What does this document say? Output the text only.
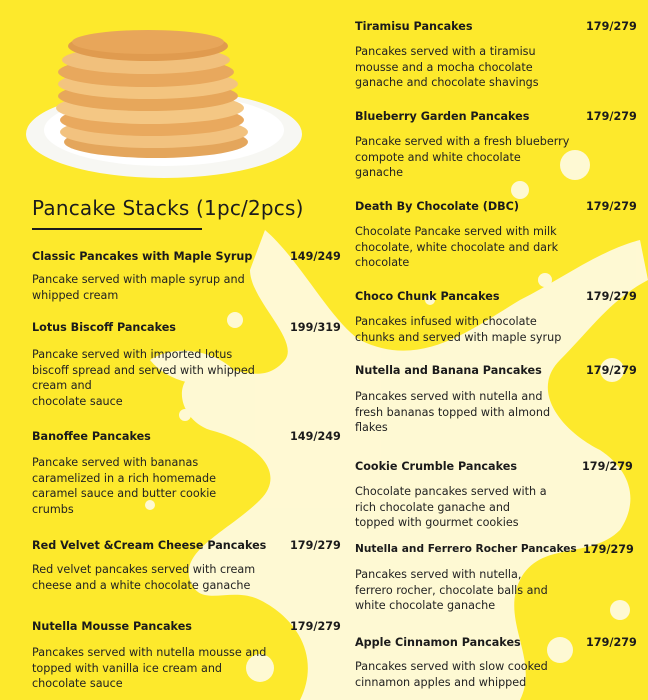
Pancake Stacks (1pc/2pcs)
Classic Pancakes with Maple Syrup	149/249
Pancake served with maple syrup and
whipped cream
Lotus Biscoff Pancakes	199/319
Pancake served with imported lotus
biscoff spread and served with whipped
cream and
chocolate sauce
Banoffee Pancakes	149/249
Pancake served with bananas
caramelized in a rich homemade
caramel sauce and butter cookie
crumbs
Red Velvet &Cream Cheese Pancakes	179/279
Red velvet pancakes served with cream
cheese and a white chocolate ganache
Nutella Mousse Pancakes	179/279
Pancakes served with nutella mousse and
topped with vanilla ice cream and
chocolate sauce
Tiramisu Pancakes	179/279
Pancakes served with a tiramisu
mousse and a mocha chocolate
ganache and chocolate shavings
Blueberry Garden Pancakes	179/279
Pancake served with a fresh blueberry
compote and white chocolate
ganache
Death By Chocolate (DBC)	179/279
Chocolate Pancake served with milk
chocolate, white chocolate and dark
chocolate
Choco Chunk Pancakes	179/279
Pancakes infused with chocolate
chunks and served with maple syrup
Nutella and Banana Pancakes	179/279
Pancakes served with nutella and
fresh bananas topped with almond
flakes
Cookie Crumble Pancakes	179/279
Chocolate pancakes served with a
rich chocolate ganache and
topped with gourmet cookies
Nutella and Ferrero Rocher Pancakes 179/279
Pancakes served with nutella,
ferrero rocher, chocolate balls and
white chocolate ganache
Apple Cinnamon Pancakes	179/279
Pancakes served with slow cooked
cinnamon apples and whipped
